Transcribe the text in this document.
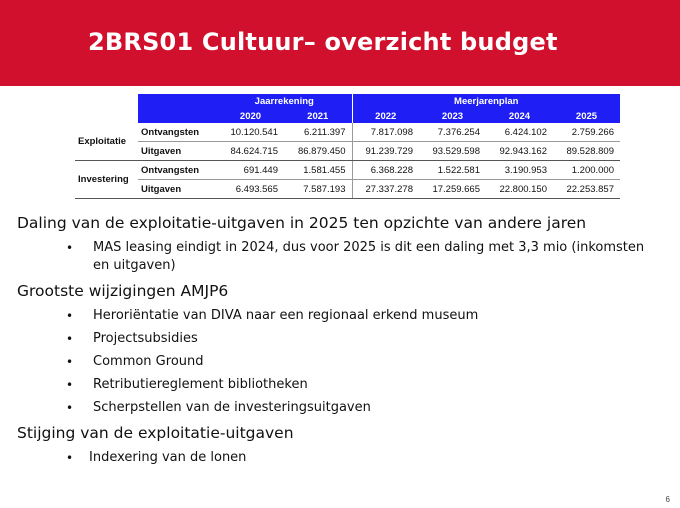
2BRS01 Cultuur– overzicht budget
		Jaarrekening		Meerjarenplan			
		2020	2021	2022	2023	2024	2025
Exploitatie	Ontvangsten	10.120.541	6.211.397	7.817.098	7.376.254	6.424.102	2.759.266
	Uitgaven	84.624.715	86.879.450	91.239.729	93.529.598	92.943.162	89.528.809
Investering	Ontvangsten	691.449	1.581.455	6.368.228	1.522.581	3.190.953	1.200.000
	Uitgaven	6.493.565	7.587.193	27.337.278	17.259.665	22.800.150	22.253.857

Daling van de exploitatie-uitgaven in 2025 ten opzichte van andere jaren

• MAS leasing eindigt in 2024, dus voor 2025 is dit een daling met 3,3 mio (inkomsten en uitgaven)

Grootste wijzigingen AMJP6

• Heroriëntatie van DIVA naar een regionaal erkend museum
• Projectsubsidies
• Common Ground
• Retributiereglement bibliotheken
• Scherpstellen van de investeringsuitgaven

Stijging van de exploitatie-uitgaven

• Indexering van de lonen
6
